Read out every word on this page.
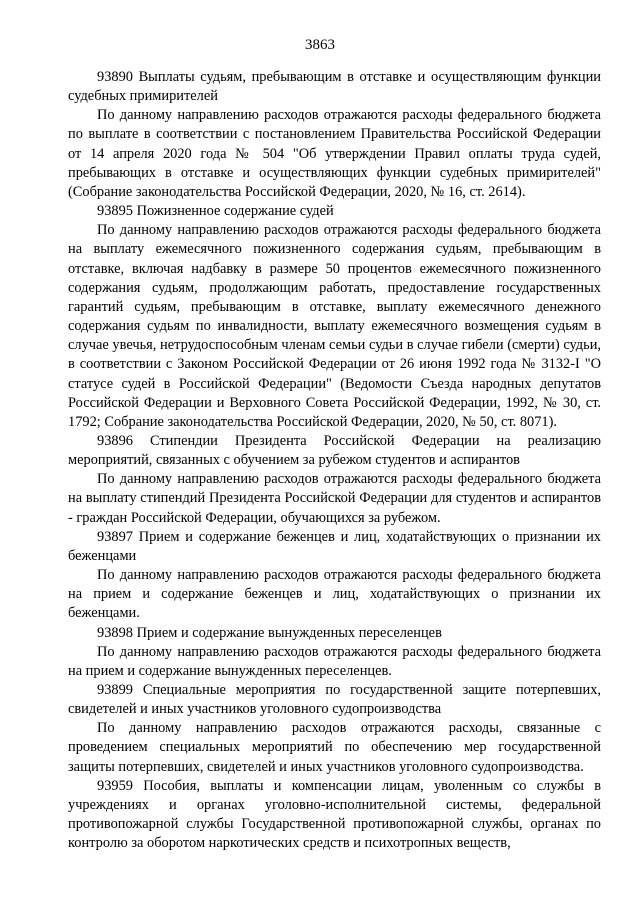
3863

93890 Выплаты судьям, пребывающим в отставке и осуществляющим функции судебных примирителей

По данному направлению расходов отражаются расходы федерального бюджета по выплате в соответствии с постановлением Правительства Российской Федерации от 14 апреля 2020 года № 504 "Об утверждении Правил оплаты труда судей, пребывающих в отставке и осуществляющих функции судебных примирителей" (Собрание законодательства Российской Федерации, 2020, № 16, ст. 2614).

93895 Пожизненное содержание судей

По данному направлению расходов отражаются расходы федерального бюджета на выплату ежемесячного пожизненного содержания судьям, пребывающим в отставке, включая надбавку в размере 50 процентов ежемесячного пожизненного содержания судьям, продолжающим работать, предоставление государственных гарантий судьям, пребывающим в отставке, выплату ежемесячного денежного содержания судьям по инвалидности, выплату ежемесячного возмещения судьям в случае увечья, нетрудоспособным членам семьи судьи в случае гибели (смерти) судьи, в соответствии с Законом Российской Федерации от 26 июня 1992 года № 3132-I "О статусе судей в Российской Федерации" (Ведомости Съезда народных депутатов Российской Федерации и Верховного Совета Российской Федерации, 1992, № 30, ст. 1792; Собрание законодательства Российской Федерации, 2020, № 50, ст. 8071).

93896 Стипендии Президента Российской Федерации на реализацию мероприятий, связанных с обучением за рубежом студентов и аспирантов

По данному направлению расходов отражаются расходы федерального бюджета на выплату стипендий Президента Российской Федерации для студентов и аспирантов - граждан Российской Федерации, обучающихся за рубежом.

93897 Прием и содержание беженцев и лиц, ходатайствующих о признании их беженцами

По данному направлению расходов отражаются расходы федерального бюджета на прием и содержание беженцев и лиц, ходатайствующих о признании их беженцами.

93898 Прием и содержание вынужденных переселенцев

По данному направлению расходов отражаются расходы федерального бюджета на прием и содержание вынужденных переселенцев.

93899 Специальные мероприятия по государственной защите потерпевших, свидетелей и иных участников уголовного судопроизводства

По данному направлению расходов отражаются расходы, связанные с проведением специальных мероприятий по обеспечению мер государственной защиты потерпевших, свидетелей и иных участников уголовного судопроизводства.

93959 Пособия, выплаты и компенсации лицам, уволенным со службы в учреждениях и органах уголовно-исполнительной системы, федеральной противопожарной службы Государственной противопожарной службы, органах по контролю за оборотом наркотических средств и психотропных веществ,
